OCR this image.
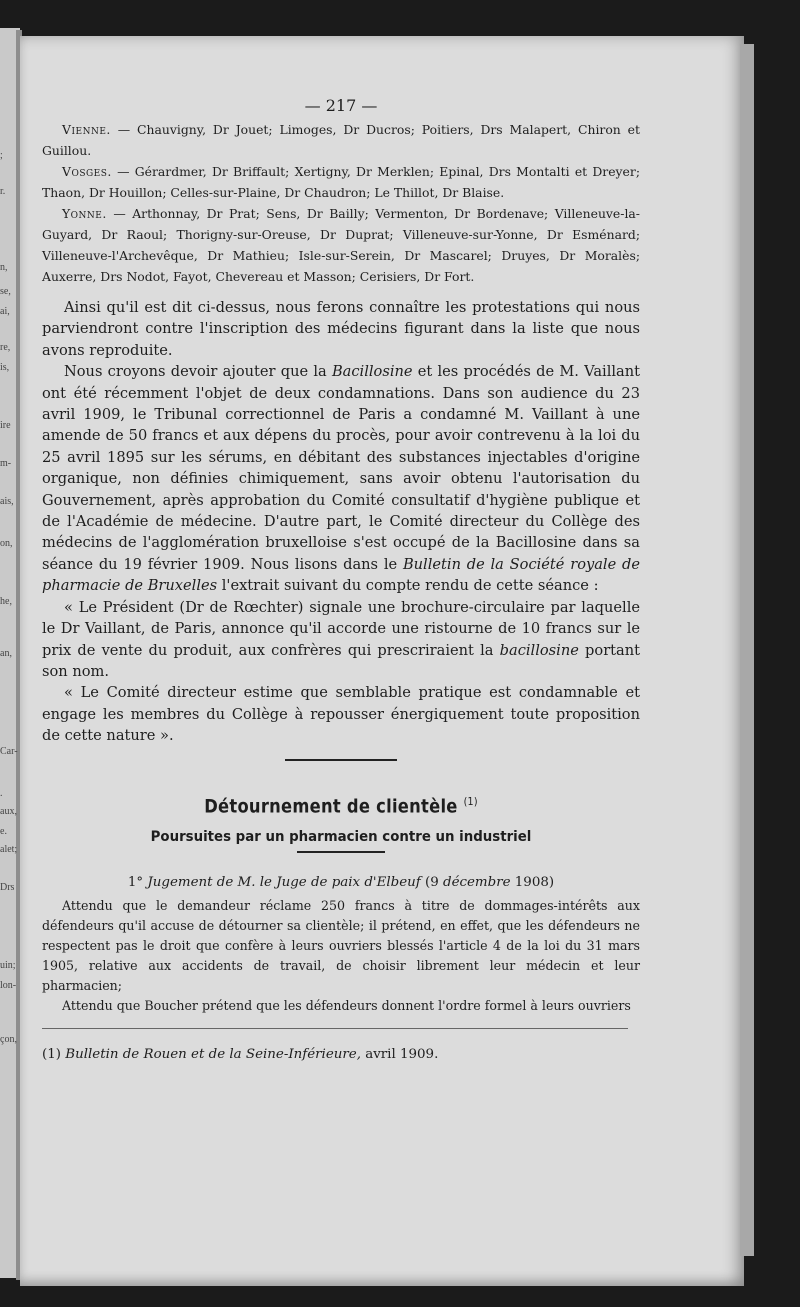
;
r.
n,
se,
ai,
re,
is,
ire
m-
ais,
on,
he,
an,
Car-
.
aux,
e.
alet;
Drs
uin;
lon-
çon,
— 217 —

Vienne. — Chauvigny, Dr Jouet; Limoges, Dr Ducros; Poitiers, Drs Malapert, Chiron et Guillou.

Vosges. — Gérardmer, Dr Briffault; Xertigny, Dr Merklen; Epinal, Drs Montalti et Dreyer; Thaon, Dr Houillon; Celles-sur-Plaine, Dr Chaudron; Le Thillot, Dr Blaise.

Yonne. — Arthonnay, Dr Prat; Sens, Dr Bailly; Vermenton, Dr Bordenave; Villeneuve-la-Guyard, Dr Raoul; Thorigny-sur-Oreuse, Dr Duprat; Villeneuve-sur-Yonne, Dr Esménard; Villeneuve-l'Archevêque, Dr Mathieu; Isle-sur-Serein, Dr Mascarel; Druyes, Dr Moralès; Auxerre, Drs Nodot, Fayot, Chevereau et Masson; Cerisiers, Dr Fort.

Ainsi qu'il est dit ci-dessus, nous ferons connaître les protestations qui nous parviendront contre l'inscription des médecins figurant dans la liste que nous avons reproduite.

Nous croyons devoir ajouter que la Bacillosine et les procédés de M. Vaillant ont été récemment l'objet de deux condamnations. Dans son audience du 23 avril 1909, le Tribunal correctionnel de Paris a condamné M. Vaillant à une amende de 50 francs et aux dépens du procès, pour avoir contrevenu à la loi du 25 avril 1895 sur les sérums, en débitant des substances injectables d'origine organique, non définies chimiquement, sans avoir obtenu l'autorisation du Gouvernement, après approbation du Comité consultatif d'hygiène publique et de l'Académie de médecine. D'autre part, le Comité directeur du Collège des médecins de l'agglomération bruxelloise s'est occupé de la Bacillosine dans sa séance du 19 février 1909. Nous lisons dans le Bulletin de la Société royale de pharmacie de Bruxelles l'extrait suivant du compte rendu de cette séance :

« Le Président (Dr de Rœchter) signale une brochure-circulaire par laquelle le Dr Vaillant, de Paris, annonce qu'il accorde une ristourne de 10 francs sur le prix de vente du produit, aux confrères qui prescriraient la bacillosine portant son nom.

« Le Comité directeur estime que semblable pratique est condamnable et engage les membres du Collège à repousser énergiquement toute proposition de cette nature ».

Détournement de clientèle $^{(1)}$
Poursuites par un pharmacien contre un industriel
1° Jugement de M. le Juge de paix d'Elbeuf (9 décembre 1908)

Attendu que le demandeur réclame 250 francs à titre de dommages-intérêts aux défendeurs qu'il accuse de détourner sa clientèle; il prétend, en effet, que les défendeurs ne respectent pas le droit que confère à leurs ouvriers blessés l'article 4 de la loi du 31 mars 1905, relative aux accidents de travail, de choisir librement leur médecin et leur pharmacien;

Attendu que Boucher prétend que les défendeurs donnent l'ordre formel à leurs ouvriers

(1) Bulletin de Rouen et de la Seine-Inférieure, avril 1909.
